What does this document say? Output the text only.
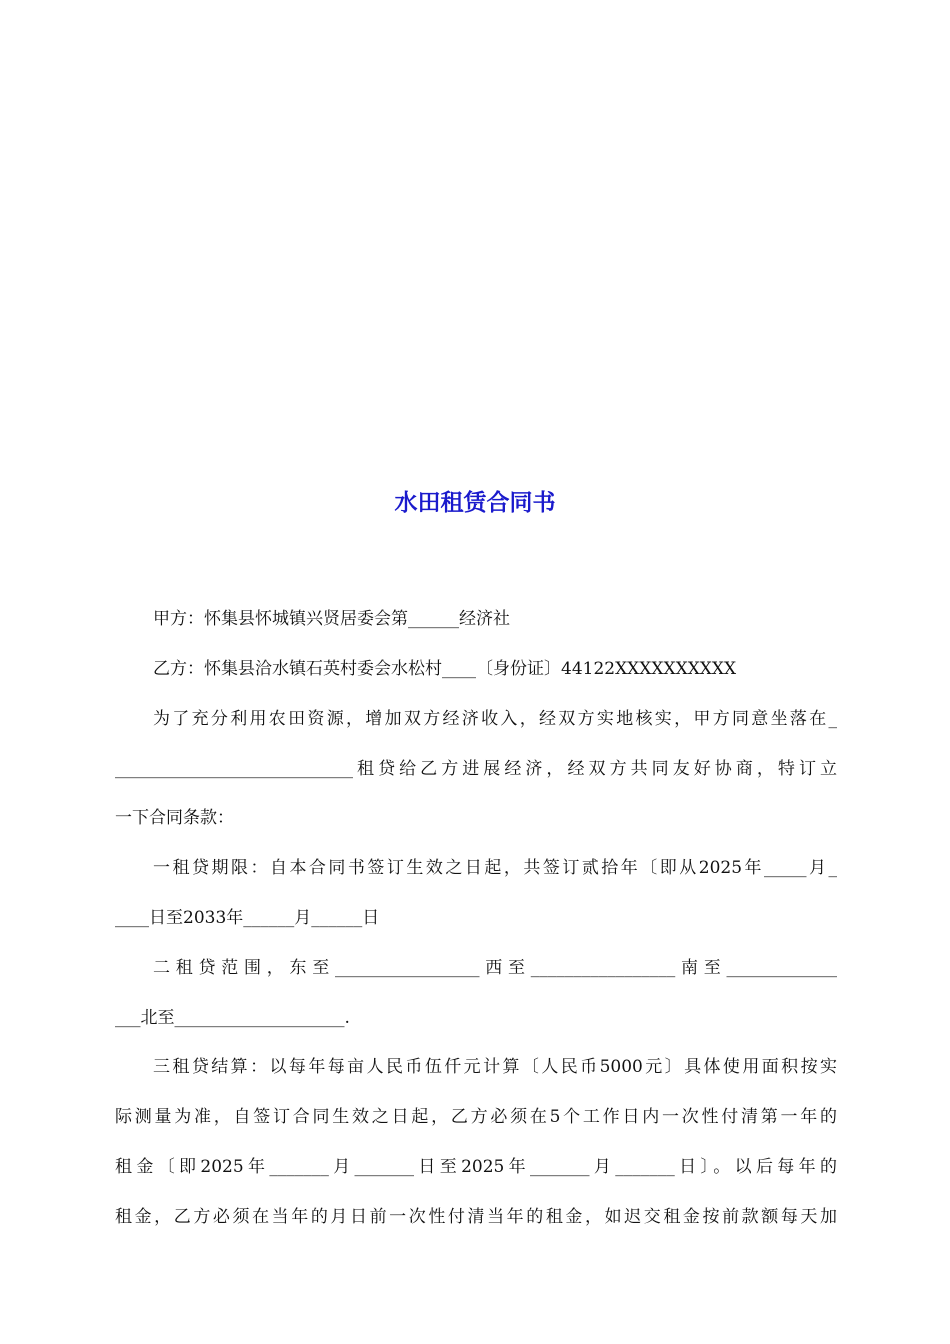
水田租赁合同书
甲方：怀集县怀城镇兴贤居委会第______经济社
乙方：怀集县洽水镇石英村委会水松村____〔身份证〕44122XXXXXXXXXX
为了充分利用农田资源，增加双方经济收入，经双方实地核实，甲方同意坐落在_
____________________________租贷给乙方进展经济，经双方共同友好协商，特订立
一下合同条款：
一租贷期限：自本合同书签订生效之日起，共签订贰拾年〔即从2025年_____月_
____日至2033年______月______日
二租贷范围，东至_________________西至_________________南至_____________
___北至____________________.
三租贷结算：以每年每亩人民币伍仟元计算〔人民币5000元〕具体使用面积按实
际测量为准，自签订合同生效之日起，乙方必须在5个工作日内一次性付清第一年的
租金〔即2025年_______月_______日至2025年_______月_______日〕。以后每年的
租金，乙方必须在当年的月日前一次性付清当年的租金，如迟交租金按前款额每天加
